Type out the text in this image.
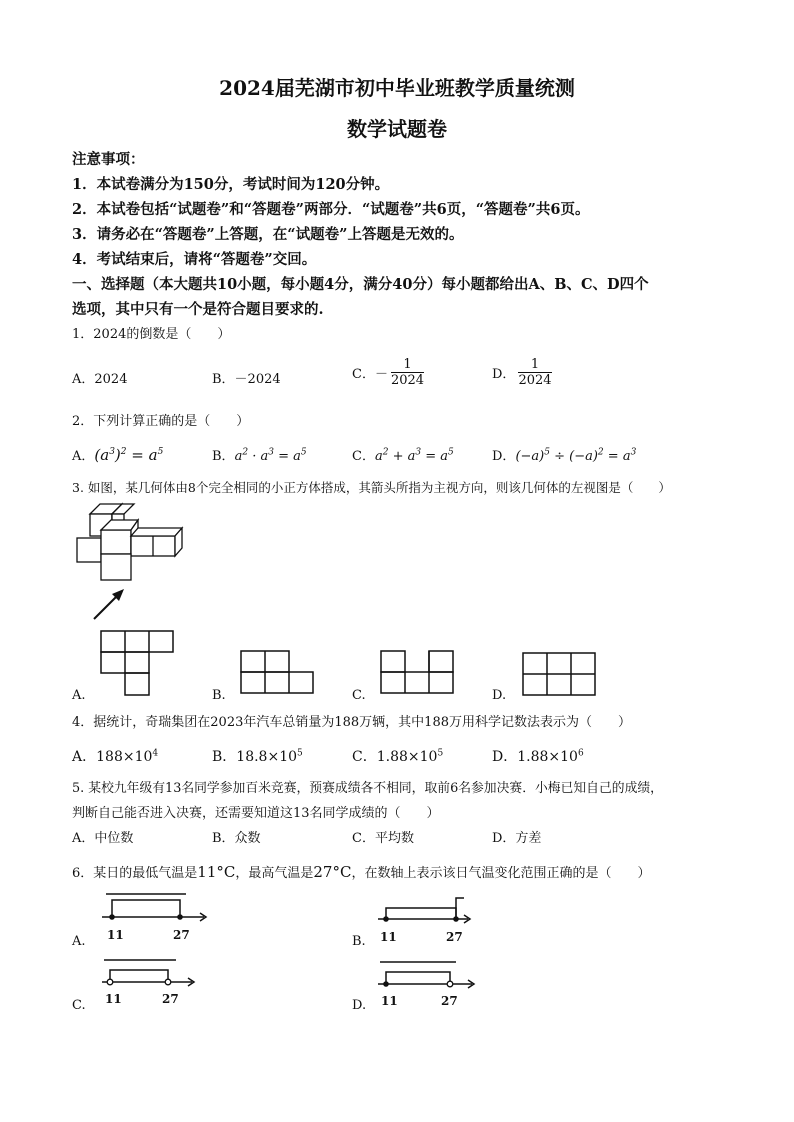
2024届芜湖市初中毕业班教学质量统测
数学试题卷
注意事项：
1．本试卷满分为150分，考试时间为120分钟。
2．本试卷包括“试题卷”和“答题卷”两部分．“试题卷”共6页，“答题卷”共6页。
3．请务必在“答题卷”上答题，在“试题卷”上答题是无效的。
4．考试结束后，请将“答题卷”交回。
一、选择题（本大题共10小题，每小题4分，满分40分）每小题都给出A、B、C、D四个
选项，其中只有一个是符合题目要求的.
1．2024的倒数是（　　）
A．2024	B．－2024	C．－ $\frac{1}{2024}$	D． $\frac{1}{2024}$
2．下列计算正确的是（　　）
A．$(a^3)^2 = a^5$	B．$a^2 \cdot a^3 = a^5$	C．$a^2 + a^3 = a^5$	D．$(-a)^5 \div (-a)^2 = a^3$
3. 如图，某几何体由8个完全相同的小正方体搭成，其箭头所指为主视方向，则该几何体的左视图是（　　）
A.	B.	C.	D.
4．据统计，奇瑞集团在2023年汽车总销量为188万辆，其中188万用科学记数法表示为（　　）
A．$188\times 10^4$	B．$18.8\times 10^5$	C．$1.88\times 10^5$	D．$1.88\times 10^6$
5. 某校九年级有13名同学参加百米竞赛，预赛成绩各不相同，取前6名参加决赛．小梅已知自己的成绩，
判断自己能否进入决赛，还需要知道这13名同学成绩的（　　）
A．中位数	B．众数	C．平均数	D．方差
6．某日的最低气温是11°C，最高气温是27°C，在数轴上表示该日气温变化范围正确的是（　　）
A. 11	27	B. 11	27
C. 11	27	D. 11	27
